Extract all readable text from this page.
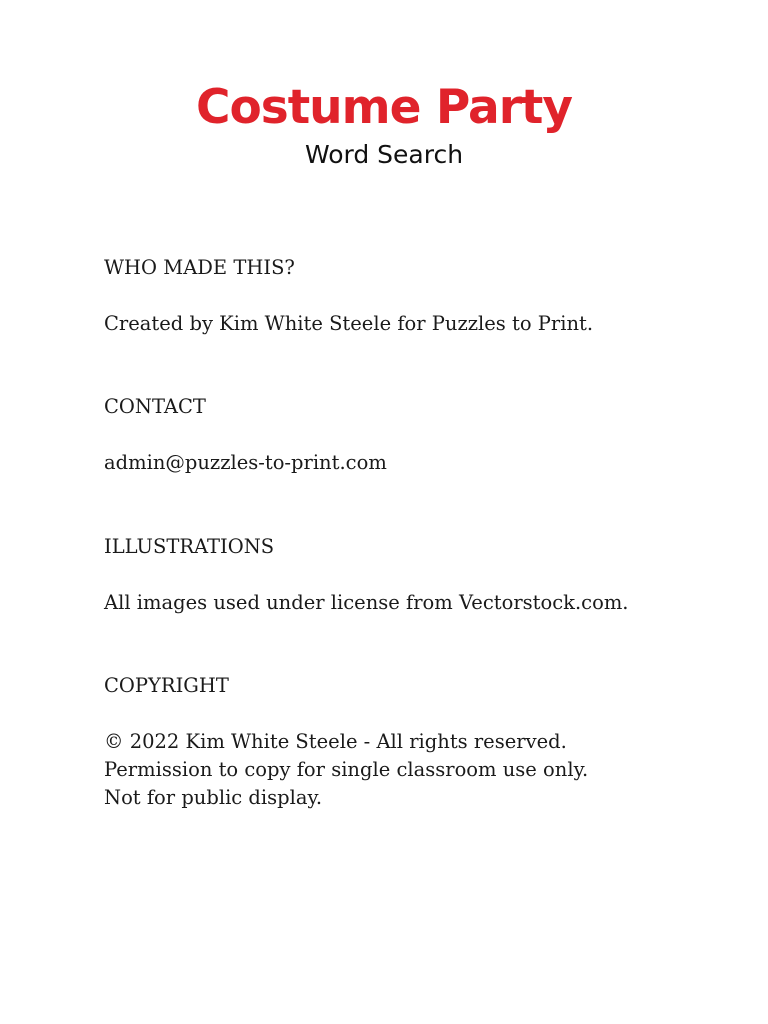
Costume Party
Word Search
WHO MADE THIS?
Created by Kim White Steele for Puzzles to Print.
CONTACT
admin@puzzles-to-print.com
ILLUSTRATIONS
All images used under license from Vectorstock.com.
COPYRIGHT
© 2022 Kim White Steele - All rights reserved.
Permission to copy for single classroom use only.
Not for public display.
